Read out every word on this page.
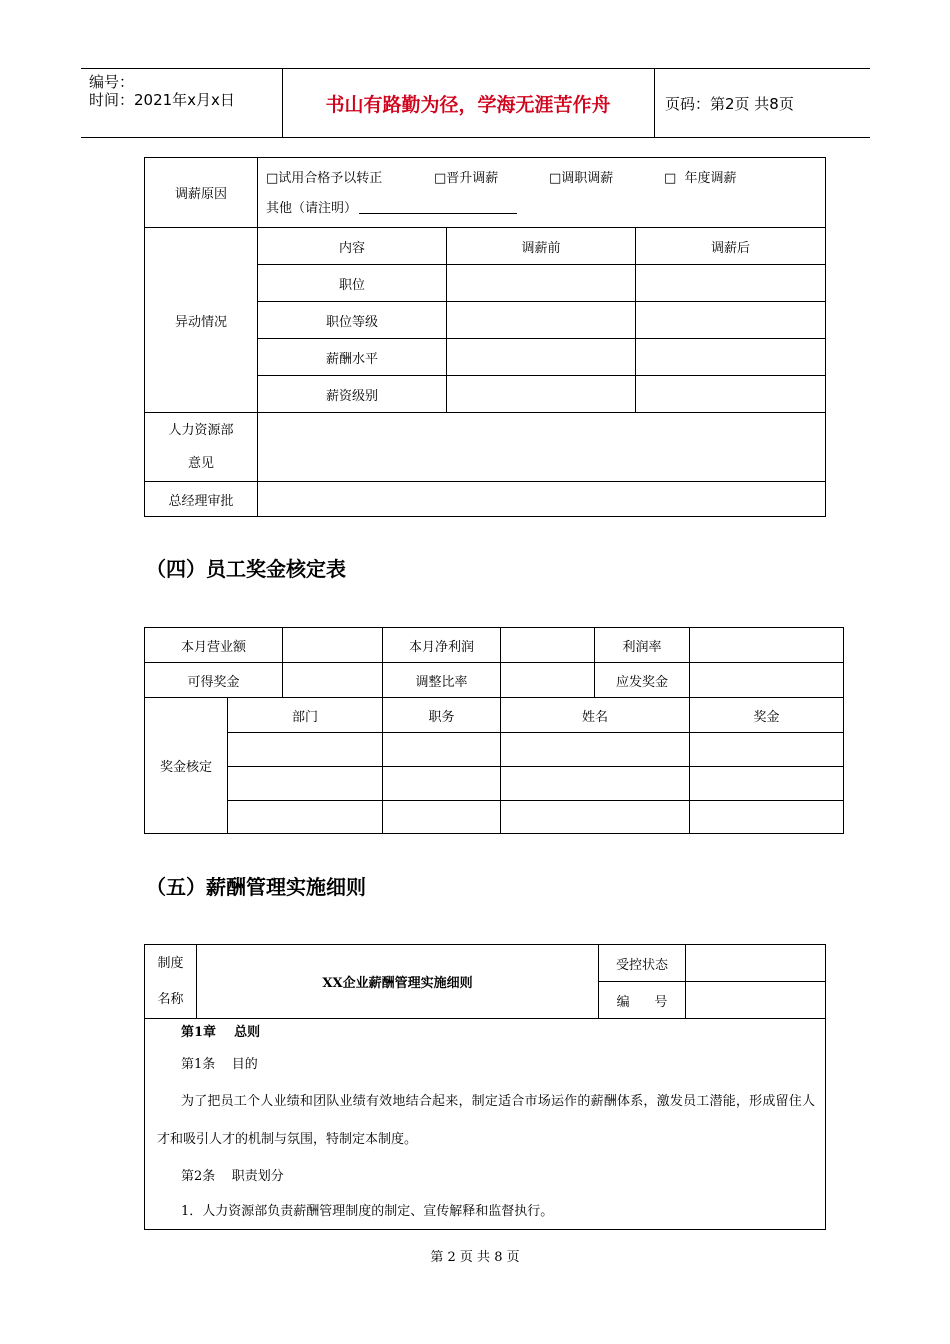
编号：
时间：2021年x月x日	书山有路勤为径，学海无涯苦作舟	页码：第2页 共8页
调薪原因	□试用合格予以转正 □晋升调薪 □调职调薪 □  年度调薪
其他（请注明）		

异动情况	内容	调薪前	调薪后
	职位		
	职位等级		
	薪酬水平		
	薪资级别		

人力资源部
意见			

总经理审批			
（四）员工奖金核定表
本月营业额			本月净利润		利润率	
可得奖金			调整比率		应发奖金	
奖金核定	部门		职务	姓名		奖金

（五）薪酬管理实施细则
制度
名称	XX企业薪酬管理实施细则	受控状态	
		编      号	

第1章    总则

第1条    目的

为了把员工个人业绩和团队业绩有效地结合起来，制定适合市场运作的薪酬体系，激发员工潜能，形成留住人才和吸引人才的机制与氛围，特制定本制度。

第2条    职责划分

1．人力资源部负责薪酬管理制度的制定、宣传解释和监督执行。			

第 2 页 共 8 页
